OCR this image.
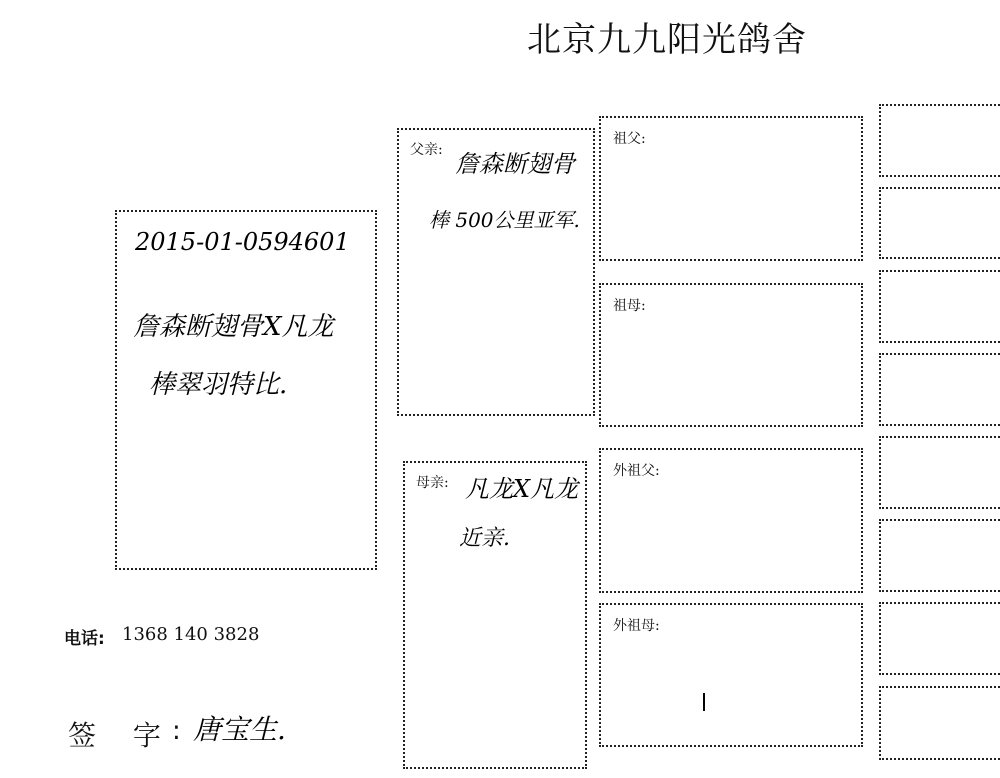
北京九九阳光鸽舍
2015-01-0594601
詹森断翅骨X凡龙
棒翠羽特比.
父亲: 詹森断翅骨
棒 500公里亚军.
母亲: 凡龙X凡龙
近亲.
祖父:
祖母:
外祖父:
外祖母:
电话: 1368 140 3828
签 字
: 唐宝生.
